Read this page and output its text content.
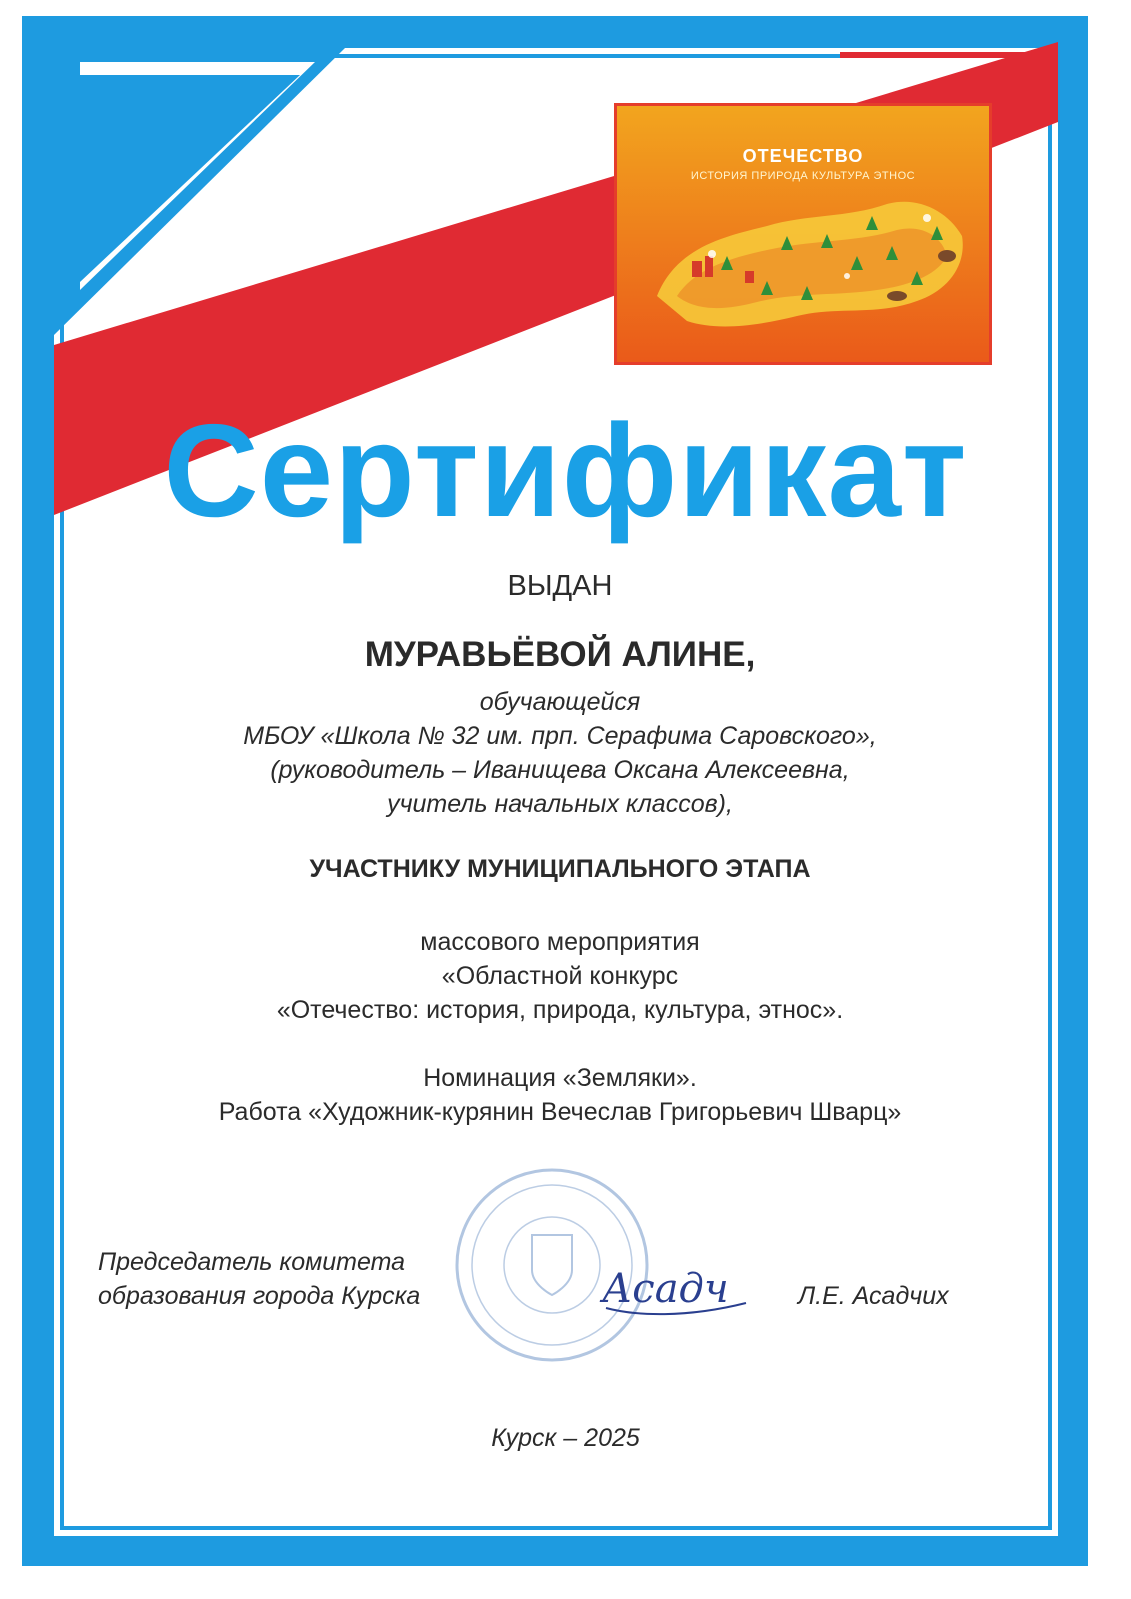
ОТЕЧЕСТВО
ИСТОРИЯ ПРИРОДА КУЛЬТУРА ЭТНОС
Сертификат
ВЫДАН
МУРАВЬЁВОЙ АЛИНЕ,
обучающейся
МБОУ «Школа № 32 им. прп. Серафима Саровского»,
(руководитель – Иванищева Оксана Алексеевна,
учитель начальных классов),
УЧАСТНИКУ МУНИЦИПАЛЬНОГО ЭТАПА
массового мероприятия
«Областной конкурс
«Отечество: история, природа, культура, этнос».
Номинация «Земляки».
Работа «Художник-курянин Вечеслав Григорьевич Шварц»
Председатель комитета
образования города Курска	Асадч	Л.Е. Асадчих
Курск – 2025
